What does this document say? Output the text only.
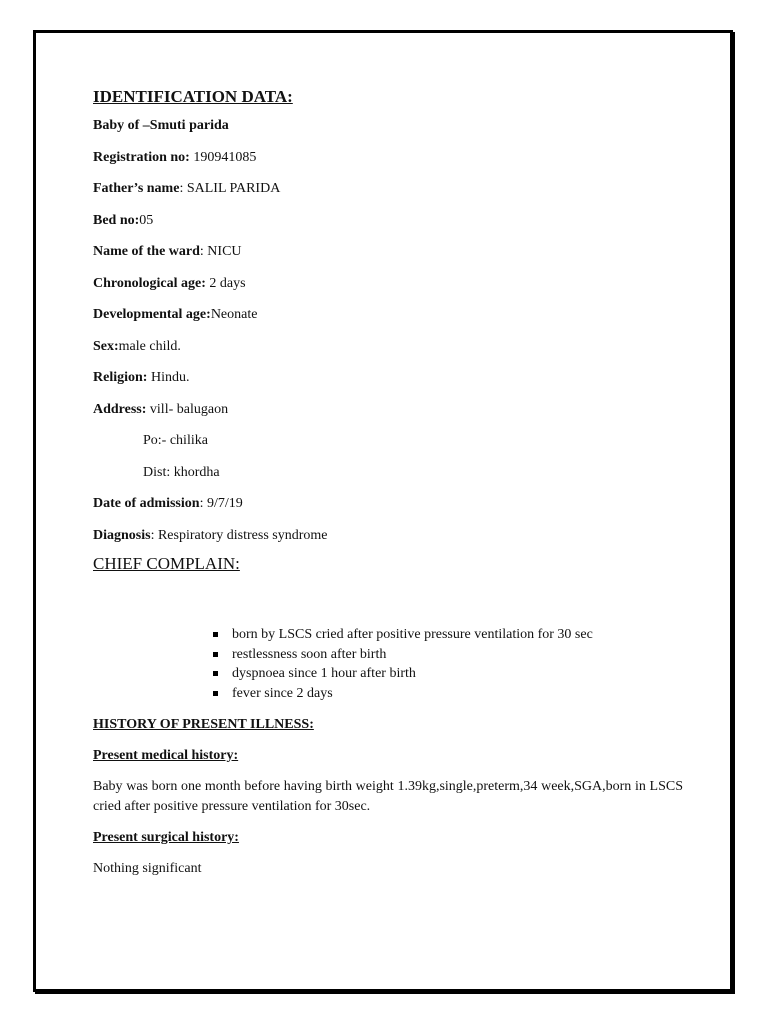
IDENTIFICATION DATA:
Baby of –Smuti parida
Registration no: 190941085
Father’s name: SALIL PARIDA
Bed no:05
Name of the ward: NICU
Chronological age: 2 days
Developmental age:Neonate
Sex:male child.
Religion: Hindu.
Address: vill- balugaon
Po:- chilika
Dist: khordha
Date of admission: 9/7/19
Diagnosis: Respiratory distress syndrome
CHIEF COMPLAIN:
born by LSCS cried after positive pressure ventilation for 30 sec
restlessness soon after birth
dyspnoea since 1 hour after birth
fever since 2 days
HISTORY OF PRESENT ILLNESS:
Present medical history:

Baby was born one month before having birth weight 1.39kg,single,preterm,34 week,SGA,born in LSCS cried after positive pressure ventilation for 30sec.

Present surgical history:

Nothing significant
